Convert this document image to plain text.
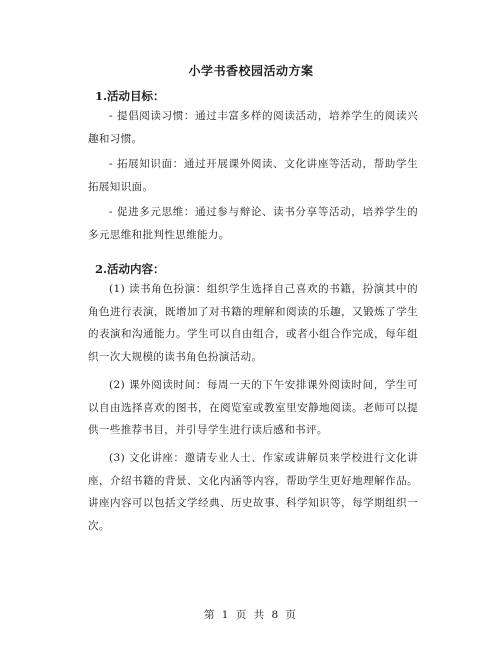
小学书香校园活动方案
1.活动目标：
- 提倡阅读习惯：通过丰富多样的阅读活动，培养学生的阅读兴趣和习惯。
- 拓展知识面：通过开展课外阅读、文化讲座等活动，帮助学生拓展知识面。
- 促进多元思维：通过参与辩论、读书分享等活动，培养学生的多元思维和批判性思维能力。
2.活动内容：
(1) 读书角色扮演：组织学生选择自己喜欢的书籍，扮演其中的角色进行表演，既增加了对书籍的理解和阅读的乐趣，又锻炼了学生的表演和沟通能力。学生可以自由组合，或者小组合作完成，每年组织一次大规模的读书角色扮演活动。
(2) 课外阅读时间：每周一天的下午安排课外阅读时间，学生可以自由选择喜欢的图书，在阅览室或教室里安静地阅读。老师可以提供一些推荐书目，并引导学生进行读后感和书评。
(3) 文化讲座：邀请专业人士、作家或讲解员来学校进行文化讲座，介绍书籍的背景、文化内涵等内容，帮助学生更好地理解作品。讲座内容可以包括文学经典、历史故事、科学知识等，每学期组织一次。
第 1 页 共 8 页
